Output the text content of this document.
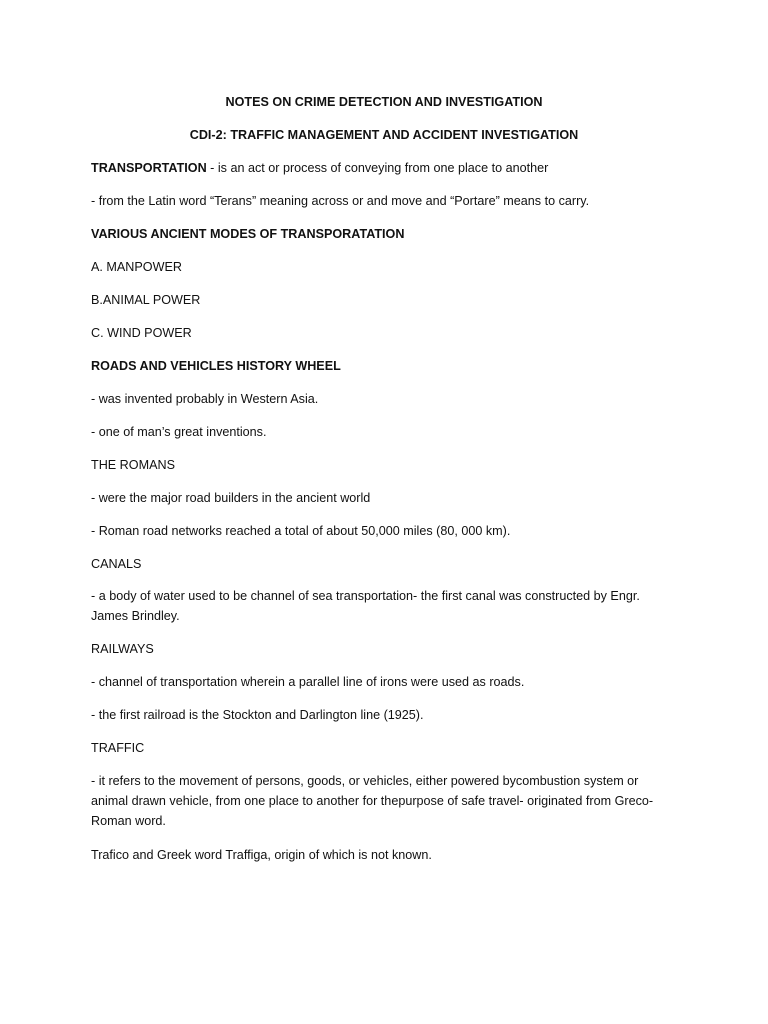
NOTES ON CRIME DETECTION AND INVESTIGATION
CDI-2: TRAFFIC MANAGEMENT AND ACCIDENT INVESTIGATION
TRANSPORTATION - is an act or process of conveying from one place to another
- from the Latin word “Terans” meaning across or and move and “Portare” means to carry.
VARIOUS ANCIENT MODES OF TRANSPORATATION
A. MANPOWER
B.ANIMAL POWER
C. WIND POWER
ROADS AND VEHICLES HISTORY WHEEL
- was invented probably in Western Asia.
- one of man’s great inventions.
THE ROMANS
- were the major road builders in the ancient world
- Roman road networks reached a total of about 50,000 miles (80, 000 km).
CANALS
- a body of water used to be channel of sea transportation- the first canal was constructed by Engr. James Brindley.
RAILWAYS
- channel of transportation wherein a parallel line of irons were used as roads.
- the first railroad is the Stockton and Darlington line (1925).
TRAFFIC
- it refers to the movement of persons, goods, or vehicles, either powered bycombustion system or animal drawn vehicle, from one place to another for thepurpose of safe travel- originated from Greco-Roman word.
Trafico and Greek word Traffiga, origin of which is not known.
